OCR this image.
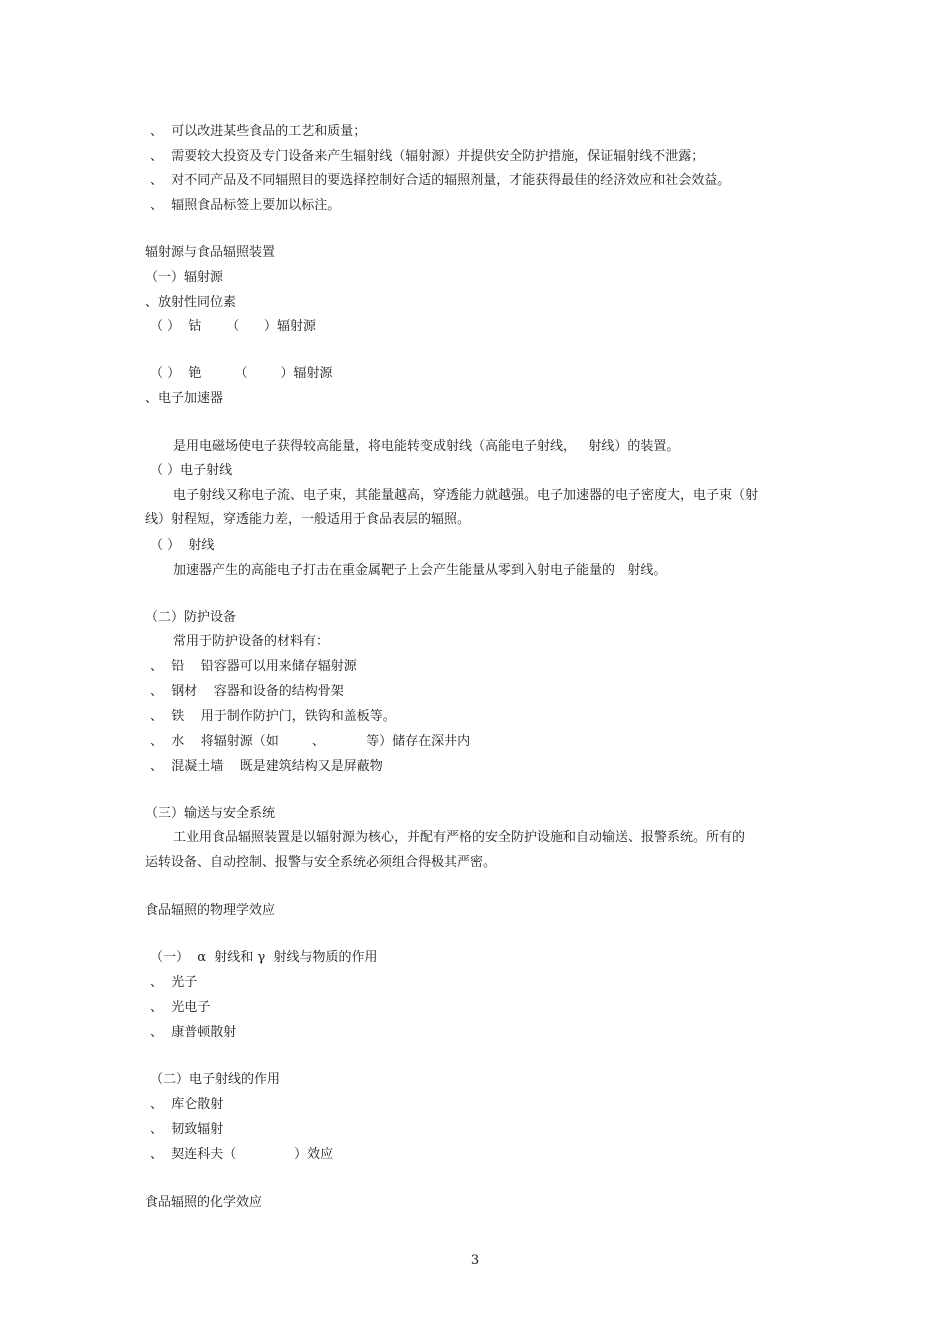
、  可以改进某些食品的工艺和质量；
、  需要较大投资及专门设备来产生辐射线（辐射源）并提供安全防护措施，保证辐射线不泄露；
、  对不同产品及不同辐照目的要选择控制好合适的辐照剂量，才能获得最佳的经济效应和社会效益。
、  辐照食品标签上要加以标注。
辐射源与食品辐照装置
（一）辐射源
、放射性同位素
（ ）  钴      （      ）辐射源
（ ）  铯        （        ）辐射源
、电子加速器
是用电磁场使电子获得较高能量，将电能转变成射线（高能电子射线，   射线）的装置。
（ ）电子射线
电子射线又称电子流、电子束，其能量越高，穿透能力就越强。电子加速器的电子密度大，电子束（射
线）射程短，穿透能力差，一般适用于食品表层的辐照。
（ ）  射线
加速器产生的高能电子打击在重金属靶子上会产生能量从零到入射电子能量的   射线。
（二）防护设备
常用于防护设备的材料有：
、  铅    铅容器可以用来储存辐射源
、  钢材    容器和设备的结构骨架
、  铁    用于制作防护门，铁钩和盖板等。
、  水    将辐射源（如        、          等）储存在深井内
、  混凝土墙    既是建筑结构又是屏蔽物
（三）输送与安全系统
工业用食品辐照装置是以辐射源为核心，并配有严格的安全防护设施和自动输送、报警系统。所有的
运转设备、自动控制、报警与安全系统必须组合得极其严密。
食品辐照的物理学效应
（一）  α  射线和 γ  射线与物质的作用
、  光子
、  光电子
、  康普顿散射
（二）电子射线的作用
、  库仑散射
、  韧致辐射
、  契连科夫（              ）效应
食品辐照的化学效应
3
